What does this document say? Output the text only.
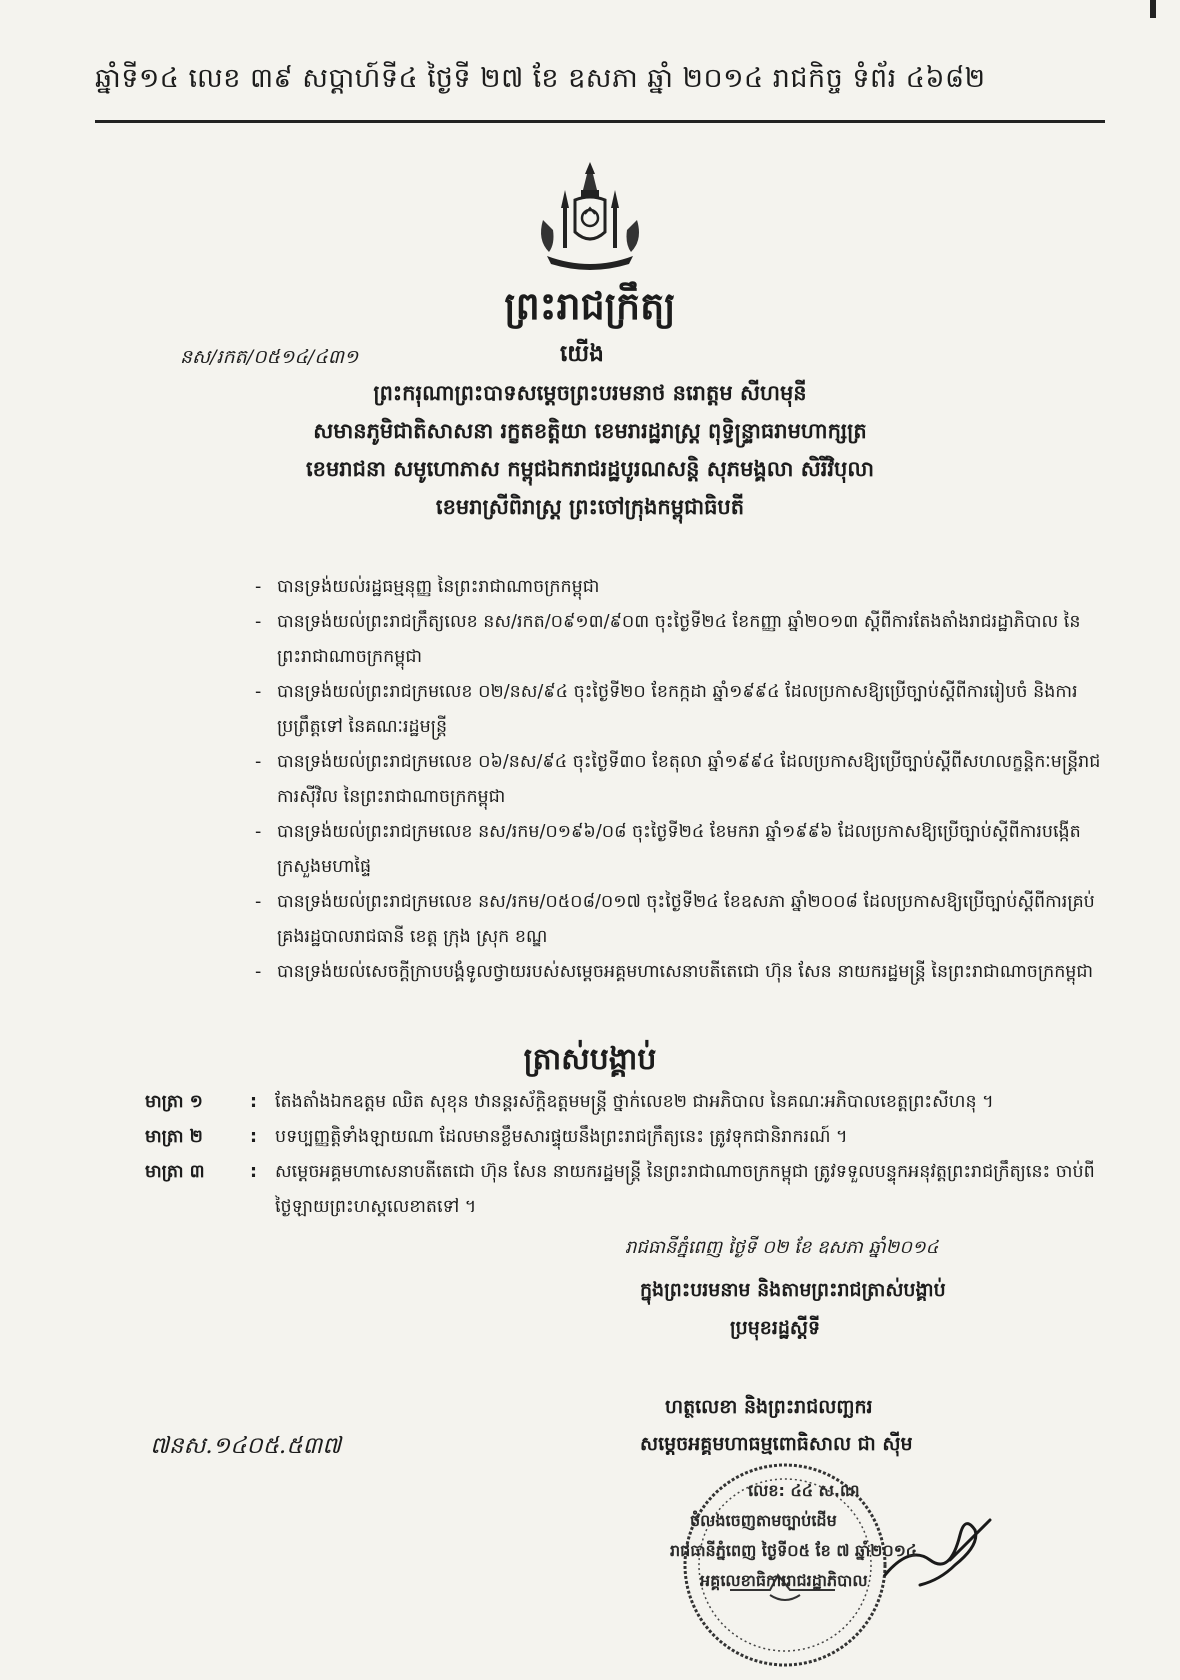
ឆ្នាំទី១៤ លេខ ៣៩ សប្តាហ៍ទី៤ ថ្ងៃទី ២៧ ខែ ឧសភា ឆ្នាំ ២០១៤ រាជកិច្ច ទំព័រ ៤៦៨២
ព្រះរាជក្រឹត្យ
នស/រកត/០៥១៤/៤៣១	យើង
ព្រះករុណាព្រះបាទសម្តេចព្រះបរមនាថ នរោត្តម សីហមុនី
សមានភូមិជាតិសាសនា រក្ខតខត្តិយា ខេមរារដ្ឋរាស្ត្រ ពុទ្ធិន្ទ្រាធរាមហាក្សត្រ
ខេមរាជនា សមូហោភាស កម្ពុជឯករាជរដ្ឋបូរណសន្តិ សុភមង្គលា សិរីវិបុលា
ខេមរាស្រីពិរាស្ត្រ ព្រះចៅក្រុងកម្ពុជាធិបតី
- បានទ្រង់យល់រដ្ឋធម្មនុញ្ញ នៃព្រះរាជាណាចក្រកម្ពុជា
- បានទ្រង់យល់ព្រះរាជក្រឹត្យលេខ នស/រកត/០៩១៣/៩០៣ ចុះថ្ងៃទី២៤ ខែកញ្ញា ឆ្នាំ២០១៣ ស្តីពីការតែងតាំងរាជរដ្ឋាភិបាល នៃព្រះរាជាណាចក្រកម្ពុជា
- បានទ្រង់យល់ព្រះរាជក្រមលេខ ០២/នស/៩៤ ចុះថ្ងៃទី២០ ខែកក្កដា ឆ្នាំ១៩៩៤ ដែលប្រកាសឱ្យប្រើច្បាប់ស្តីពីការរៀបចំ និងការប្រព្រឹត្តទៅ នៃគណៈរដ្ឋមន្ត្រី
- បានទ្រង់យល់ព្រះរាជក្រមលេខ ០៦/នស/៩៤ ចុះថ្ងៃទី៣០ ខែតុលា ឆ្នាំ១៩៩៤ ដែលប្រកាសឱ្យប្រើច្បាប់ស្តីពីសហលក្ខន្តិកៈមន្ត្រីរាជការស៊ីវិល នៃព្រះរាជាណាចក្រកម្ពុជា
- បានទ្រង់យល់ព្រះរាជក្រមលេខ នស/រកម/០១៩៦/០៨ ចុះថ្ងៃទី២៤ ខែមករា ឆ្នាំ១៩៩៦ ដែលប្រកាសឱ្យប្រើច្បាប់ស្តីពីការបង្កើតក្រសួងមហាផ្ទៃ
- បានទ្រង់យល់ព្រះរាជក្រមលេខ នស/រកម/០៥០៨/០១៧ ចុះថ្ងៃទី២៤ ខែឧសភា ឆ្នាំ២០០៨ ដែលប្រកាសឱ្យប្រើច្បាប់ស្តីពីការគ្រប់គ្រងរដ្ឋបាលរាជធានី ខេត្ត ក្រុង ស្រុក ខណ្ឌ
- បានទ្រង់យល់សេចក្តីក្រាបបង្គំទូលថ្វាយរបស់សម្តេចអគ្គមហាសេនាបតីតេជោ ហ៊ុន សែន នាយករដ្ឋមន្ត្រី នៃព្រះរាជាណាចក្រកម្ពុជា
ត្រាស់បង្គាប់
មាត្រា ១	: តែងតាំងឯកឧត្តម ឈិត សុខុន ឋានន្តរស័ក្តិឧត្តមមន្ត្រី ថ្នាក់លេខ២ ជាអភិបាល នៃគណៈអភិបាលខេត្តព្រះសីហនុ ។
មាត្រា ២	: បទប្បញ្ញត្តិទាំងឡាយណា ដែលមានខ្លឹមសារផ្ទុយនឹងព្រះរាជក្រឹត្យនេះ ត្រូវទុកជានិរាករណ៍ ។
មាត្រា ៣	: សម្តេចអគ្គមហាសេនាបតីតេជោ ហ៊ុន សែន នាយករដ្ឋមន្ត្រី នៃព្រះរាជាណាចក្រកម្ពុជា ត្រូវទទួលបន្ទុកអនុវត្តព្រះរាជក្រឹត្យនេះ ចាប់ពីថ្ងៃឡាយព្រះហស្តលេខាតទៅ ។
រាជធានីភ្នំពេញ ថ្ងៃទី ០២ ខែ ឧសភា ឆ្នាំ២០១៤
ក្នុងព្រះបរមនាម និងតាមព្រះរាជត្រាស់បង្គាប់
ប្រមុខរដ្ឋស្តីទី
ហត្ថលេខា និងព្រះរាជលញ្ឆករ
សម្តេចអគ្គមហាធម្មពោធិសាល ជា ស៊ីម
៧នស.១៤០៥.៥៣៧
លេខ: ៤៤ ស.ណ
ចំលងចេញតាមច្បាប់ដើម
រាជធានីភ្នំពេញ ថ្ងៃទី០៥ ខែ ៧ ឆ្នាំ២០១៤
អគ្គលេខាធិការរាជរដ្ឋាភិបាល
